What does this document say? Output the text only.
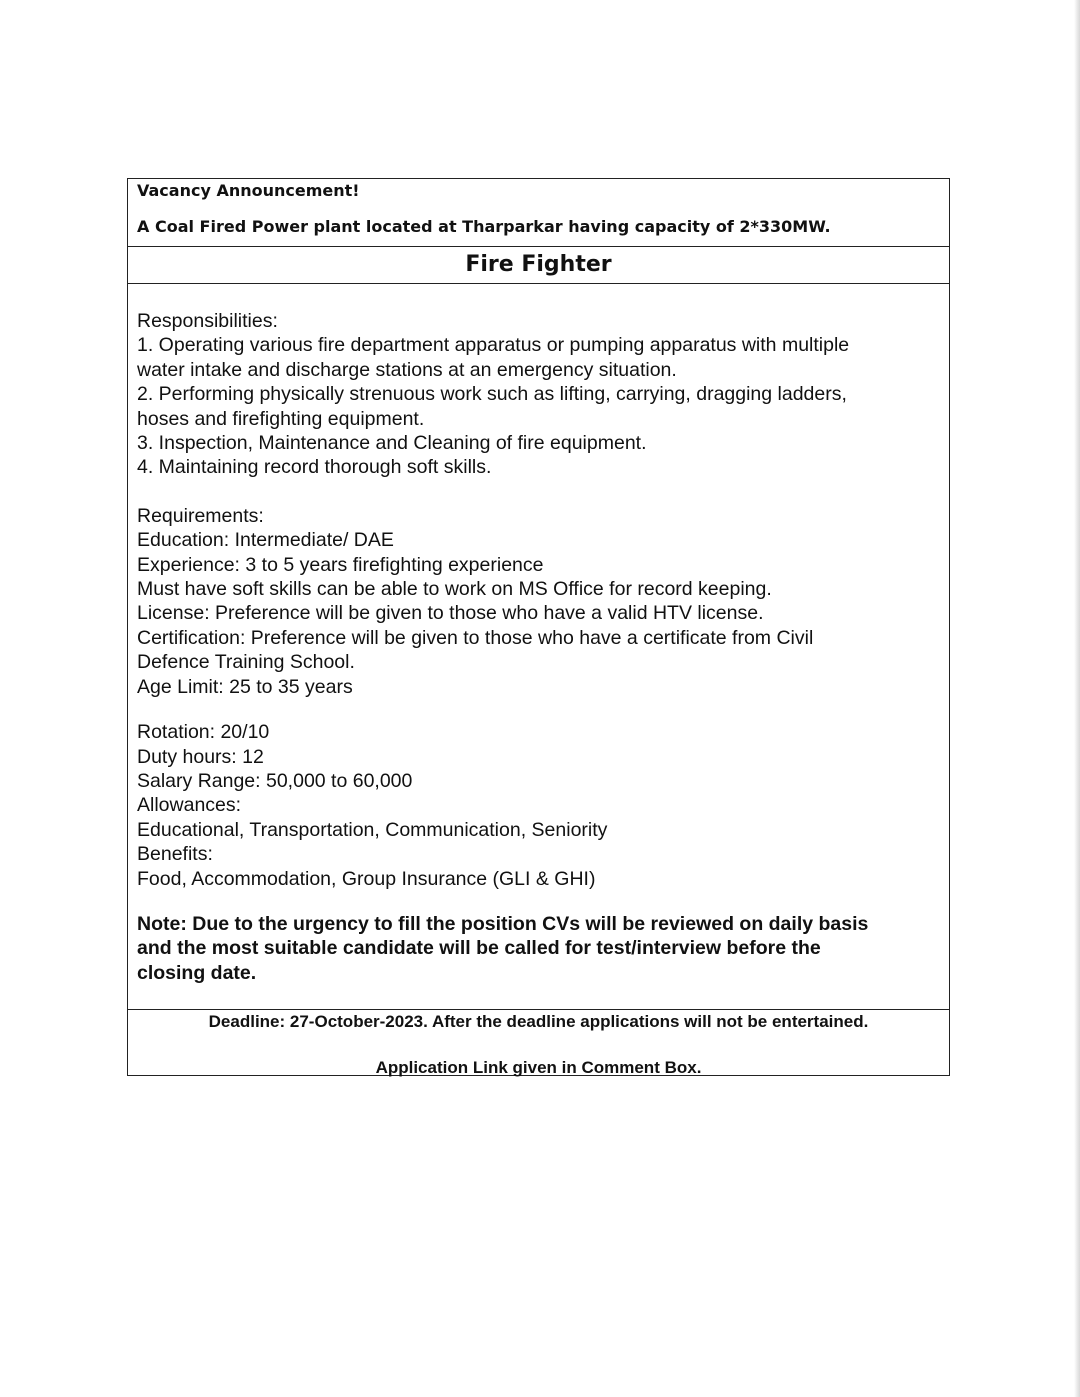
Vacancy Announcement!
A Coal Fired Power plant located at Tharparkar having capacity of 2*330MW.
Fire Fighter
Responsibilities:
1. Operating various fire department apparatus or pumping apparatus with multiple
water intake and discharge stations at an emergency situation.
2. Performing physically strenuous work such as lifting, carrying, dragging ladders,
hoses and firefighting equipment.
3. Inspection, Maintenance and Cleaning of fire equipment.
4. Maintaining record thorough soft skills.
Requirements:
Education: Intermediate/ DAE
Experience: 3 to 5 years firefighting experience
Must have soft skills can be able to work on MS Office for record keeping.
License: Preference will be given to those who have a valid HTV license.
Certification: Preference will be given to those who have a certificate from Civil
Defence Training School.
Age Limit: 25 to 35 years
Rotation: 20/10
Duty hours: 12
Salary Range: 50,000 to 60,000
Allowances:
Educational, Transportation, Communication, Seniority
Benefits:
Food, Accommodation, Group Insurance (GLI & GHI)
Note: Due to the urgency to fill the position CVs will be reviewed on daily basis
and the most suitable candidate will be called for test/interview before the
closing date.
Deadline: 27-October-2023. After the deadline applications will not be entertained.
Application Link given in Comment Box.
